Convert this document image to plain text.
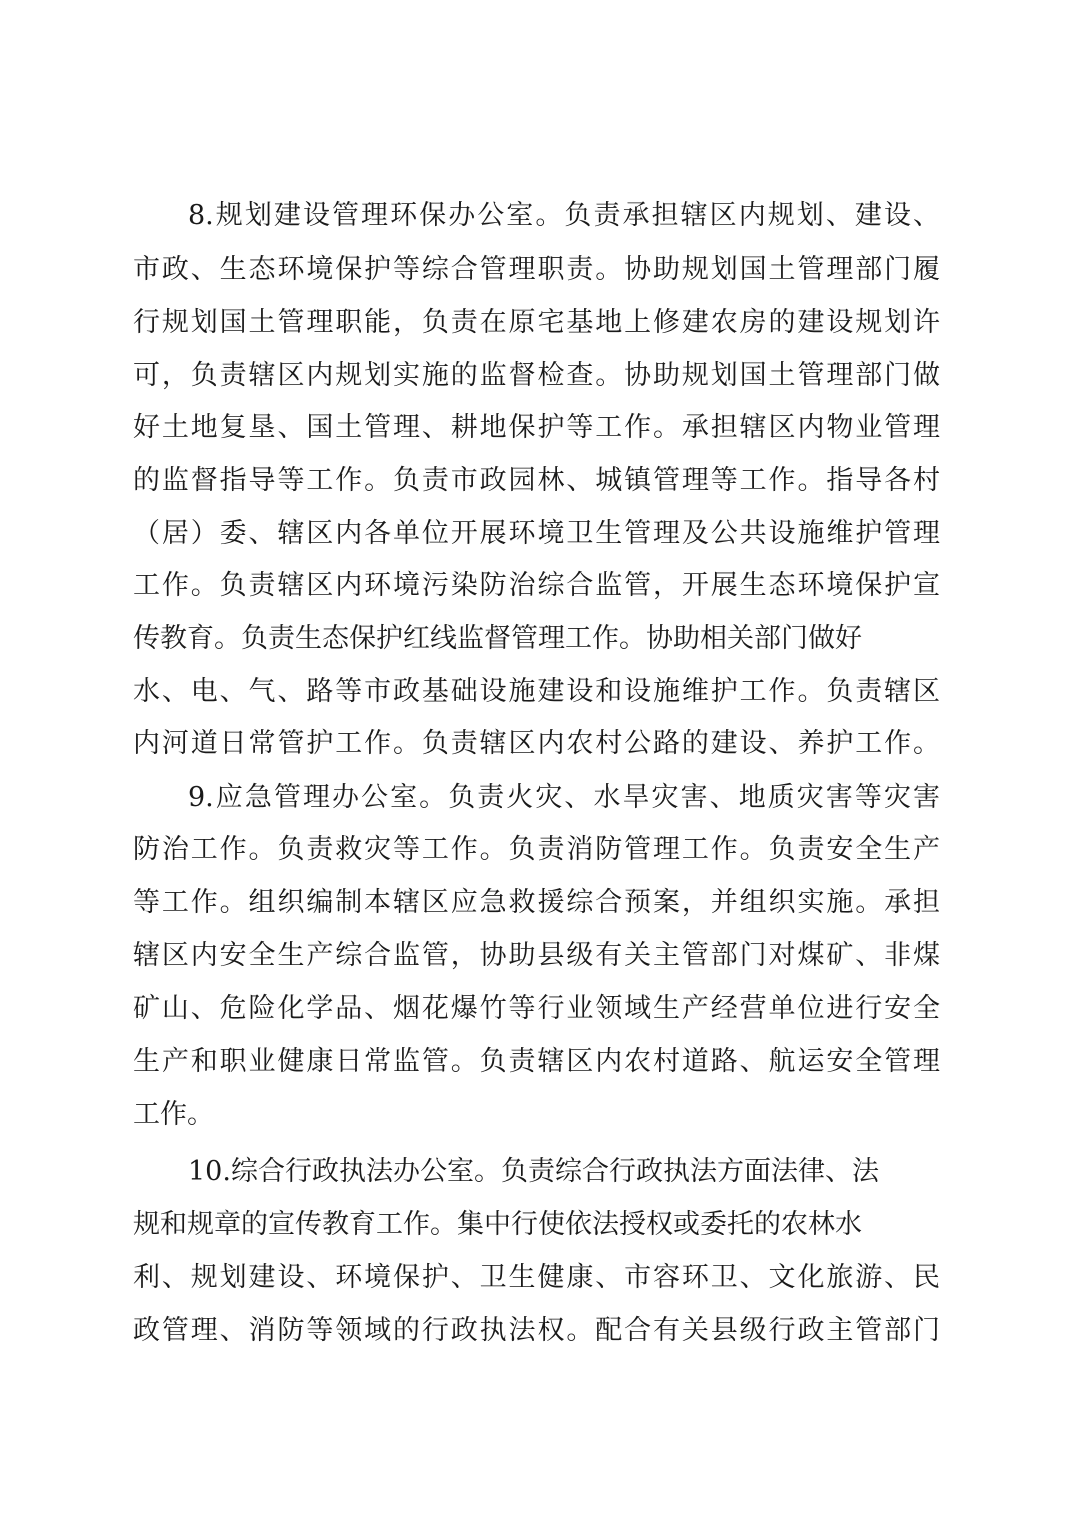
8.规划建设管理环保办公室。负责承担辖区内规划、建设、
市政、生态环境保护等综合管理职责。协助规划国土管理部门履
行规划国土管理职能，负责在原宅基地上修建农房的建设规划许
可，负责辖区内规划实施的监督检查。协助规划国土管理部门做
好土地复垦、国土管理、耕地保护等工作。承担辖区内物业管理
的监督指导等工作。负责市政园林、城镇管理等工作。指导各村
（居）委、辖区内各单位开展环境卫生管理及公共设施维护管理
工作。负责辖区内环境污染防治综合监管，开展生态环境保护宣
传教育。负责生态保护红线监督管理工作。协助相关部门做好
水、电、气、路等市政基础设施建设和设施维护工作。负责辖区
内河道日常管护工作。负责辖区内农村公路的建设、养护工作。
9.应急管理办公室。负责火灾、水旱灾害、地质灾害等灾害
防治工作。负责救灾等工作。负责消防管理工作。负责安全生产
等工作。组织编制本辖区应急救援综合预案，并组织实施。承担
辖区内安全生产综合监管，协助县级有关主管部门对煤矿、非煤
矿山、危险化学品、烟花爆竹等行业领域生产经营单位进行安全
生产和职业健康日常监管。负责辖区内农村道路、航运安全管理
工作。
10.综合行政执法办公室。负责综合行政执法方面法律、法
规和规章的宣传教育工作。集中行使依法授权或委托的农林水
利、规划建设、环境保护、卫生健康、市容环卫、文化旅游、民
政管理、消防等领域的行政执法权。配合有关县级行政主管部门
